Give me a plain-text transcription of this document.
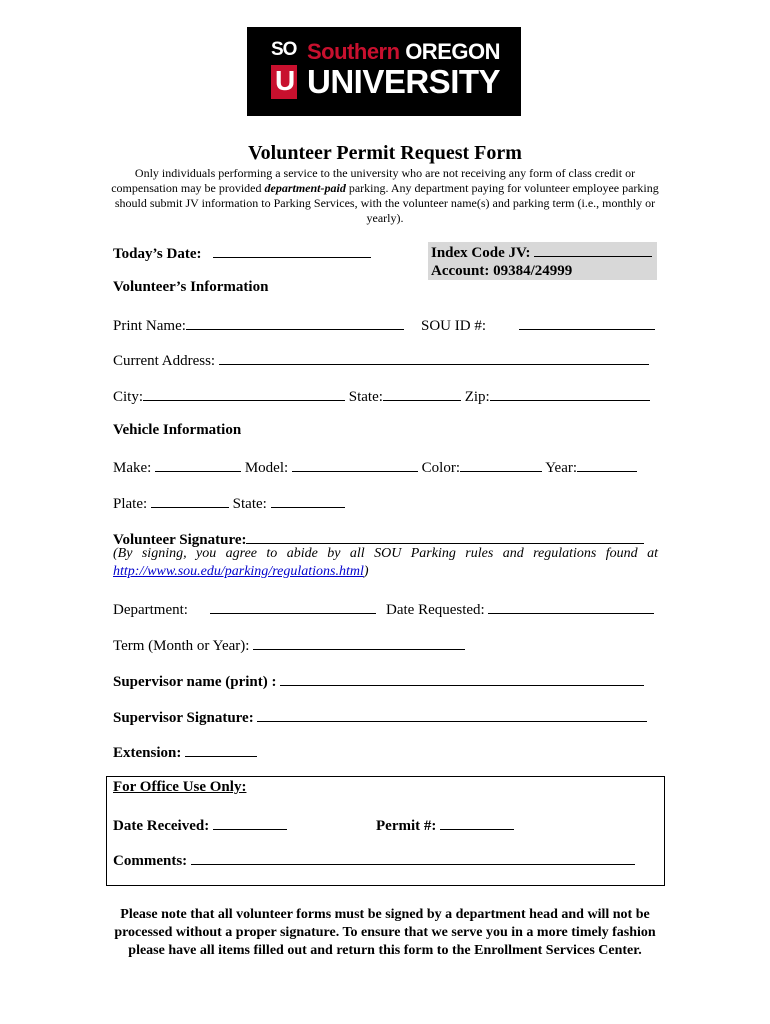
SO
U
Southern OREGON
UNIVERSITY
Volunteer Permit Request Form
Only individuals performing a service to the university who are not receiving any form of class credit or compensation may be provided department-paid parking. Any department paying for volunteer employee parking should submit JV information to Parking Services, with the volunteer name(s) and parking term (i.e., monthly or yearly).
Today’s Date:	Index Code JV:
Account: 09384/24999
Volunteer’s Information
Print Name:	SOU ID #:
Current Address:
City:	State:	Zip:
Vehicle Information
Make:	Model:	Color:	Year:
Plate:	State:
Volunteer Signature:
(By signing, you agree to abide by all SOU Parking rules and regulations found at http://www.sou.edu/parking/regulations.html)
Department:	Date Requested:
Term (Month or Year):
Supervisor name (print) :
Supervisor Signature:
Extension:
For Office Use Only:
Date Received:	Permit #:
Comments:
Please note that all volunteer forms must be signed by a department head and will not be processed without a proper signature. To ensure that we serve you in a more timely fashion please have all items filled out and return this form to the Enrollment Services Center.
